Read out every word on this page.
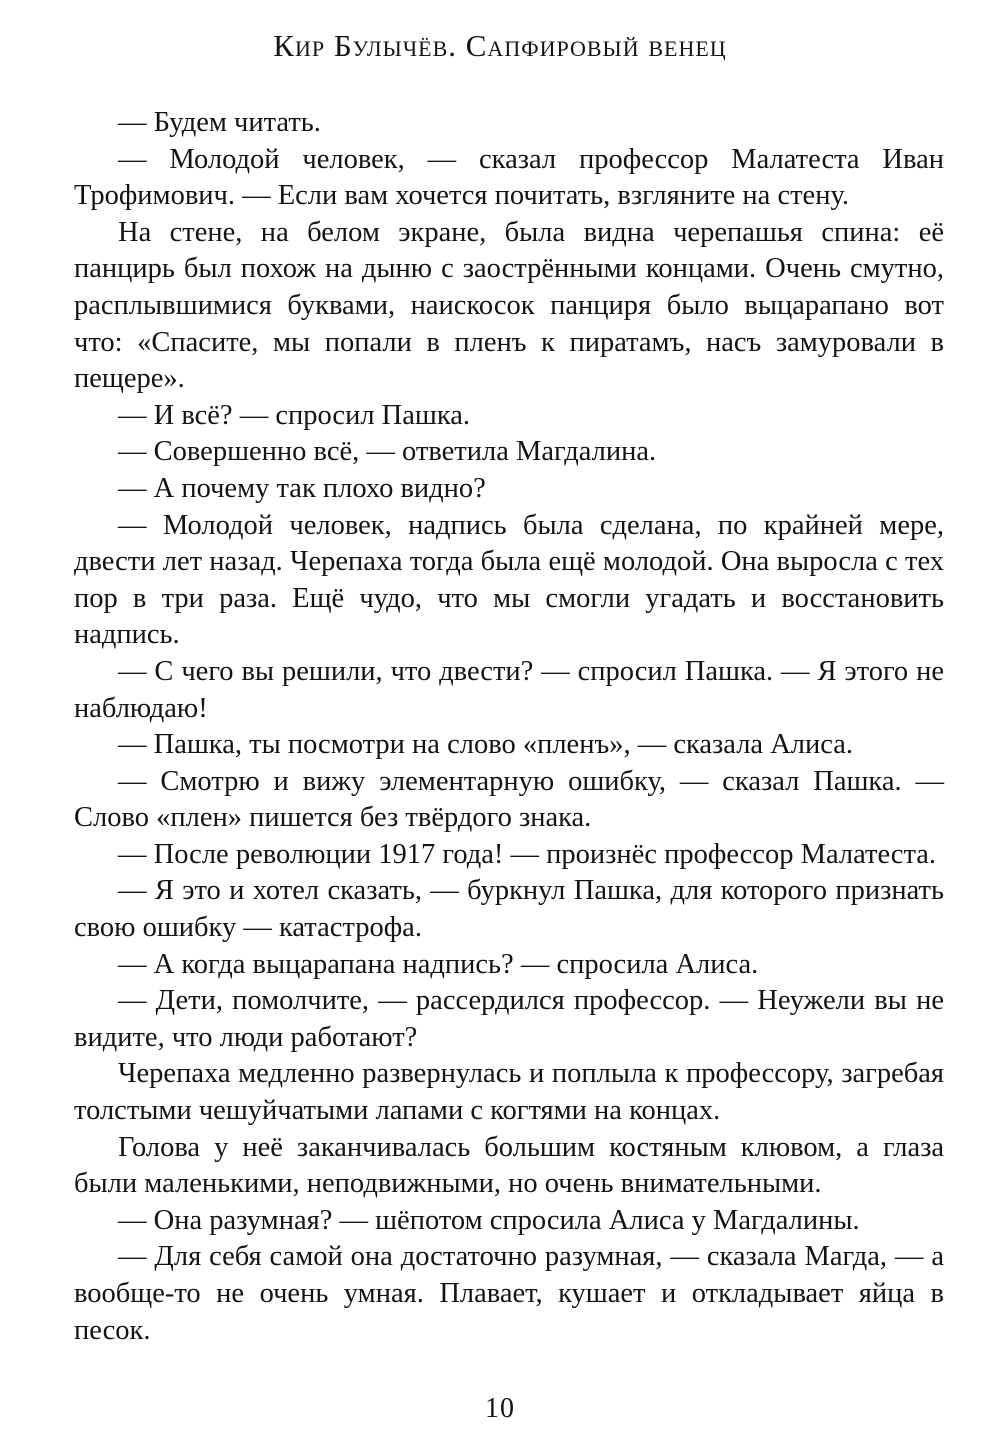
Кир Булычёв. Сапфировый венец

— Будем читать.

— Молодой человек, — сказал профессор Малатеста Иван Трофимович. — Если вам хочется почитать, взгляните на стену.

На стене, на белом экране, была видна черепашья спина: её панцирь был похож на дыню с заострёнными концами. Очень смутно, расплывшимися буквами, наискосок панциря было выцарапано вот что: «Спасите, мы попали в пленъ к пиратамъ, насъ замуровали в пещере».

— И всё? — спросил Пашка.

— Совершенно всё, — ответила Магдалина.

— А почему так плохо видно?

— Молодой человек, надпись была сделана, по крайней мере, двести лет назад. Черепаха тогда была ещё молодой. Она выросла с тех пор в три раза. Ещё чудо, что мы смогли угадать и восстановить надпись.

— С чего вы решили, что двести? — спросил Пашка. — Я этого не наблюдаю!

— Пашка, ты посмотри на слово «пленъ», — сказала Алиса.

— Смотрю и вижу элементарную ошибку, — сказал Пашка. — Слово «плен» пишется без твёрдого знака.

— После революции 1917 года! — произнёс профессор Малатеста.

— Я это и хотел сказать, — буркнул Пашка, для которого признать свою ошибку — катастрофа.

— А когда выцарапана надпись? — спросила Алиса.

— Дети, помолчите, — рассердился профессор. — Неужели вы не видите, что люди работают?

Черепаха медленно развернулась и поплыла к профессору, загребая толстыми чешуйчатыми лапами с когтями на концах.

Голова у неё заканчивалась большим костяным клювом, а глаза были маленькими, неподвижными, но очень внимательными.

— Она разумная? — шёпотом спросила Алиса у Магдалины.

— Для себя самой она достаточно разумная, — сказала Магда, — а вообще-то не очень умная. Плавает, кушает и откладывает яйца в песок.

10
